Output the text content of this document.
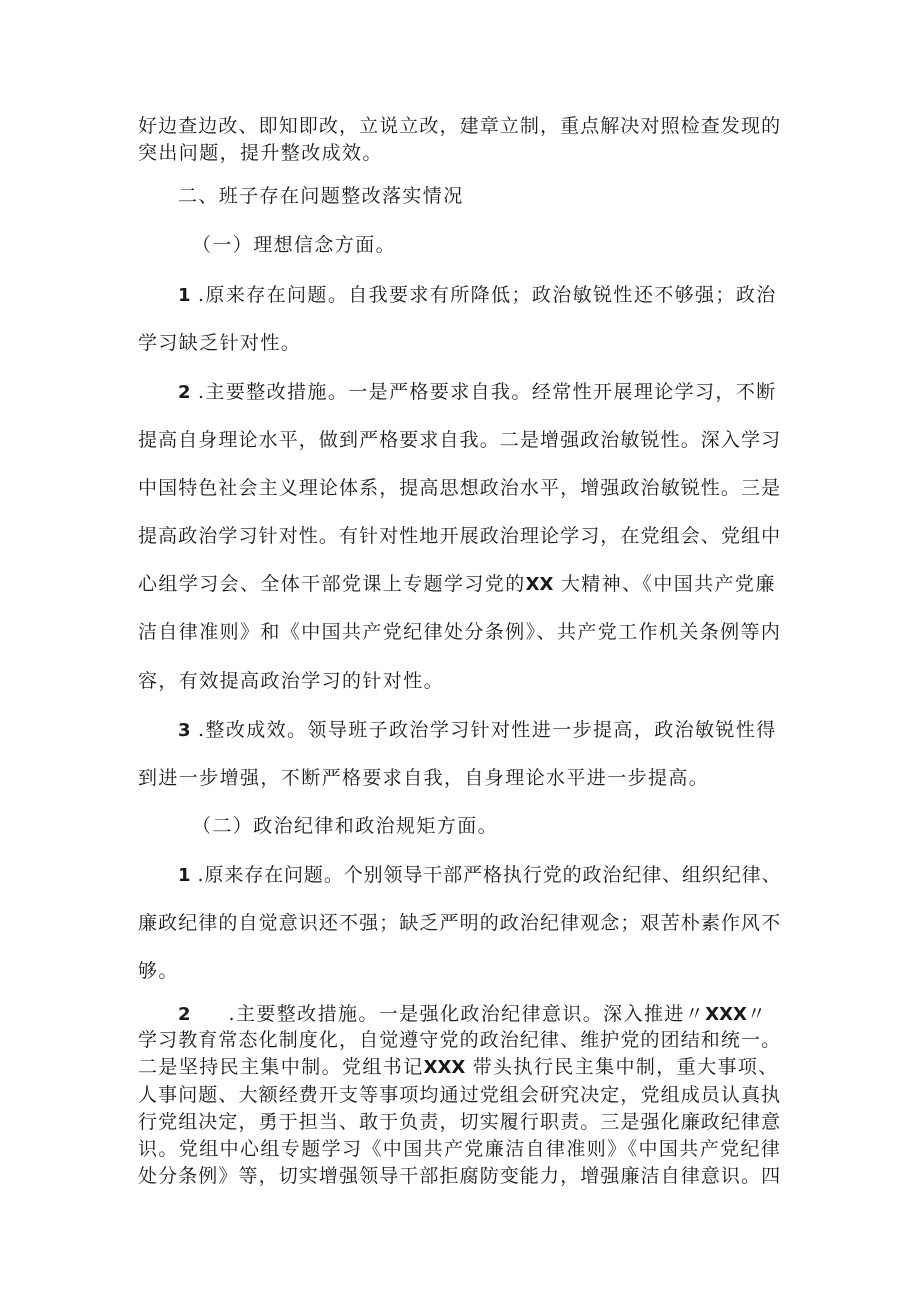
好边查边改、即知即改，立说立改，建章立制，重点解决对照检查发现的
突出问题，提升整改成效。
二、班子存在问题整改落实情况
（一）理想信念方面。
1 .原来存在问题。自我要求有所降低；政治敏锐性还不够强；政治
学习缺乏针对性。
2 .主要整改措施。一是严格要求自我。经常性开展理论学习，不断
提高自身理论水平，做到严格要求自我。二是增强政治敏锐性。深入学习
中国特色社会主义理论体系，提高思想政治水平，增强政治敏锐性。三是
提高政治学习针对性。有针对性地开展政治理论学习，在党组会、党组中
心组学习会、全体干部党课上专题学习党的XX 大精神、《中国共产党廉
洁自律准则》和《中国共产党纪律处分条例》、共产党工作机关条例等内
容，有效提高政治学习的针对性。
3 .整改成效。领导班子政治学习针对性进一步提高，政治敏锐性得
到进一步增强，不断严格要求自我，自身理论水平进一步提高。
（二）政治纪律和政治规矩方面。
1 .原来存在问题。个别领导干部严格执行党的政治纪律、组织纪律、
廉政纪律的自觉意识还不强；缺乏严明的政治纪律观念；艰苦朴素作风不
够。
2 .主要整改措施。一是强化政治纪律意识。深入推进〃XXX〃
学习教育常态化制度化，自觉遵守党的政治纪律、维护党的团结和统一。
二是坚持民主集中制。党组书记XXX 带头执行民主集中制，重大事项、
人事问题、大额经费开支等事项均通过党组会研究决定，党组成员认真执
行党组决定，勇于担当、敢于负责，切实履行职责。三是强化廉政纪律意
识。党组中心组专题学习《中国共产党廉洁自律准则》《中国共产党纪律
处分条例》等，切实增强领导干部拒腐防变能力，增强廉洁自律意识。四
